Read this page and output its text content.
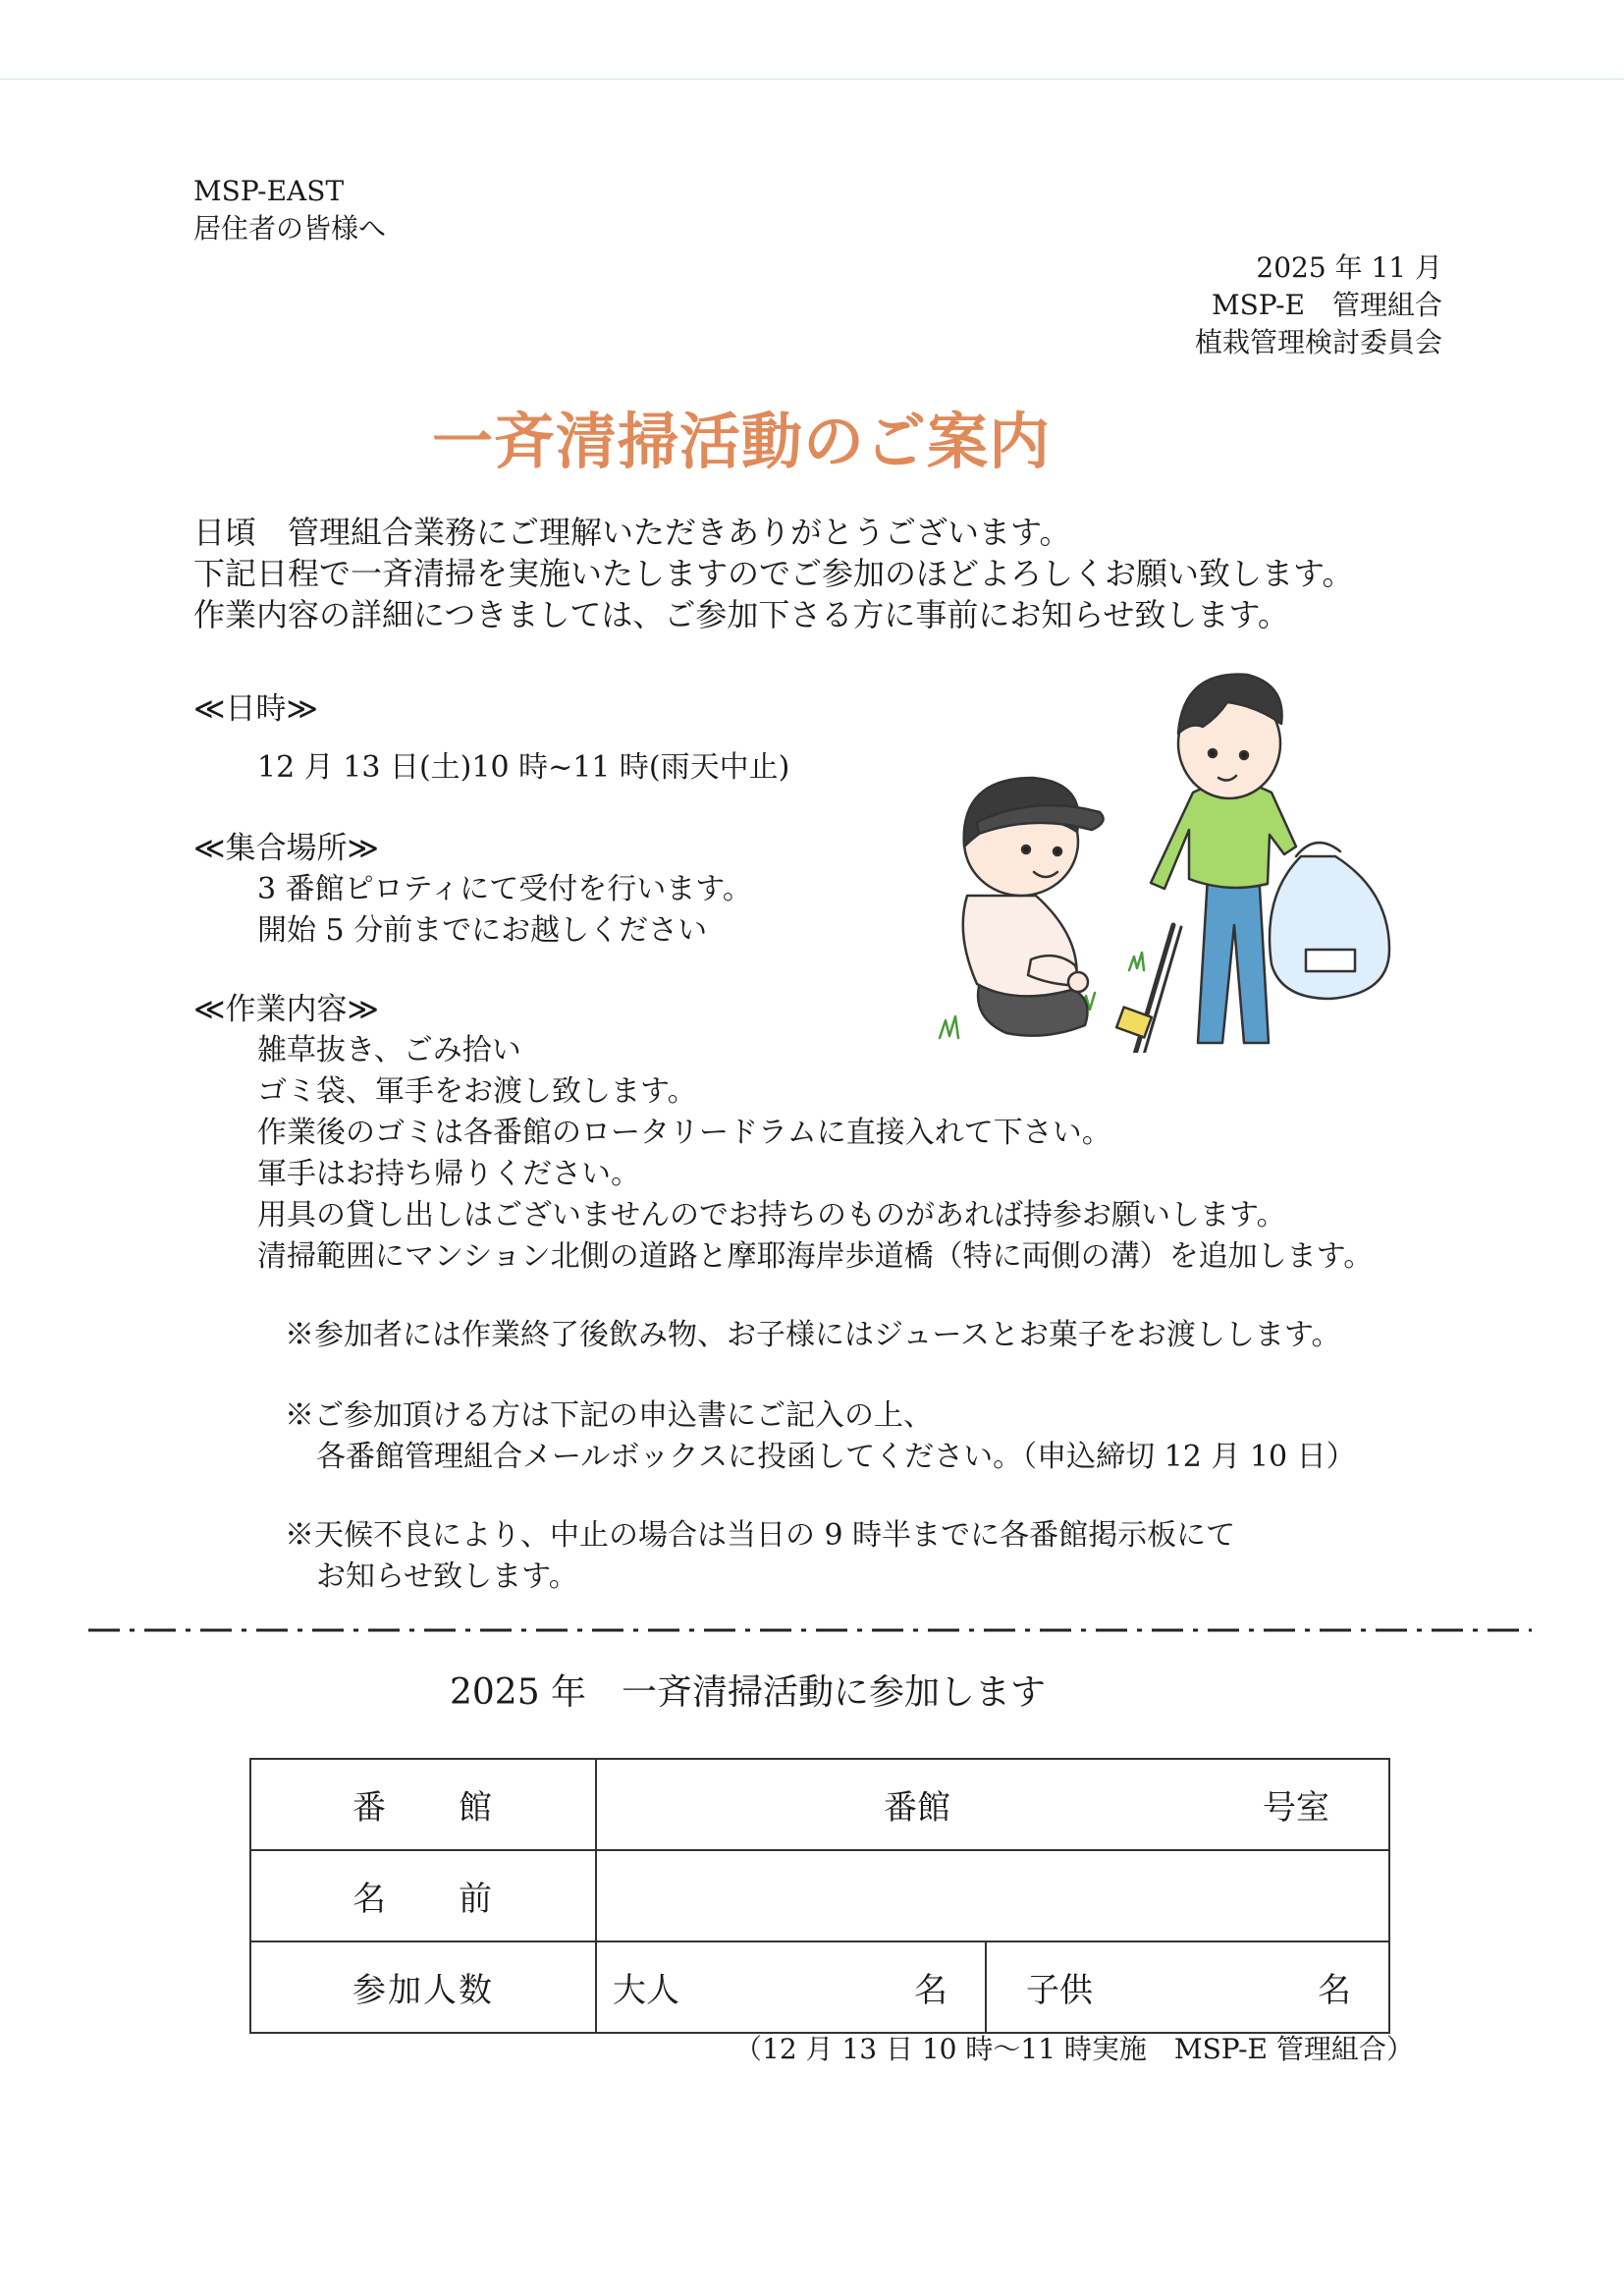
MSP-EAST
居住者の皆様へ
2025 年 11 月
MSP-E　管理組合
植栽管理検討委員会
一斉清掃活動のご案内
日頃　管理組合業務にご理解いただきありがとうございます。
下記日程で一斉清掃を実施いたしますのでご参加のほどよろしくお願い致します。
作業内容の詳細につきましては、ご参加下さる方に事前にお知らせ致します。
≪日時≫
12 月 13 日(土)10 時~11 時(雨天中止)
≪集合場所≫
3 番館ピロティにて受付を行います。
開始 5 分前までにお越しください
≪作業内容≫
雑草抜き、ごみ拾い
ゴミ袋、軍手をお渡し致します。
作業後のゴミは各番館のロータリードラムに直接入れて下さい。
軍手はお持ち帰りください。
用具の貸し出しはございませんのでお持ちのものがあれば持参お願いします。
清掃範囲にマンション北側の道路と摩耶海岸歩道橋（特に両側の溝）を追加します。
※参加者には作業終了後飲み物、お子様にはジュースとお菓子をお渡しします。
※ご参加頂ける方は下記の申込書にご記入の上、
各番館管理組合メールボックスに投函してください。（申込締切 12 月 10 日）
※天候不良により、中止の場合は当日の 9 時半までに各番館掲示板にて
お知らせ致します。
2025 年　一斉清掃活動に参加します
番　　館	番館 号室	

名　　前		
参加人数	大人 名	子供 名
（12 月 13 日 10 時～11 時実施　MSP-E 管理組合）
